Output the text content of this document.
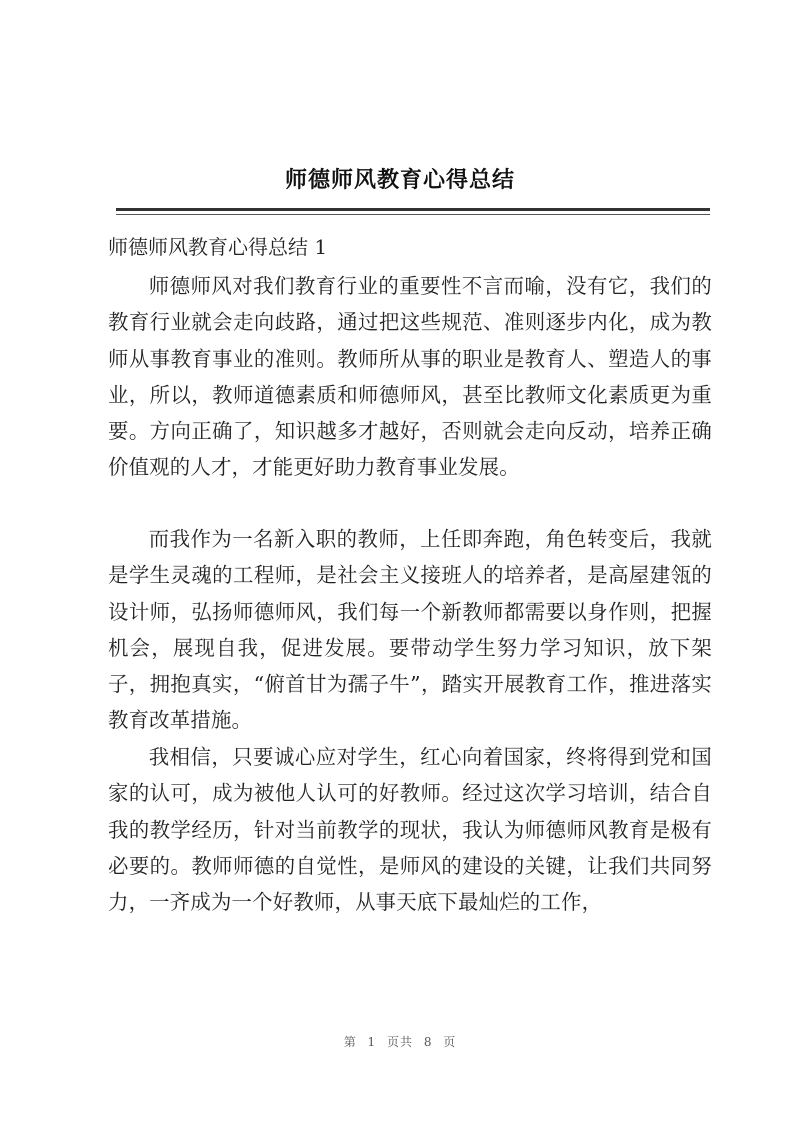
师德师风教育心得总结
师德师风教育心得总结 1
师德师风对我们教育行业的重要性不言而喻，没有它，我们的教育行业就会走向歧路，通过把这些规范、准则逐步内化，成为教师从事教育事业的准则。教师所从事的职业是教育人、塑造人的事业，所以，教师道德素质和师德师风，甚至比教师文化素质更为重要。方向正确了，知识越多才越好，否则就会走向反动，培养正确价值观的人才，才能更好助力教育事业发展。
而我作为一名新入职的教师，上任即奔跑，角色转变后，我就是学生灵魂的工程师，是社会主义接班人的培养者，是高屋建瓴的设计师，弘扬师德师风，我们每一个新教师都需要以身作则，把握机会，展现自我，促进发展。要带动学生努力学习知识，放下架子，拥抱真实，“俯首甘为孺子牛”，踏实开展教育工作，推进落实教育改革措施。
我相信，只要诚心应对学生，红心向着国家，终将得到党和国家的认可，成为被他人认可的好教师。经过这次学习培训，结合自我的教学经历，针对当前教学的现状，我认为师德师风教育是极有必要的。教师师德的自觉性，是师风的建设的关键，让我们共同努力，一齐成为一个好教师，从事天底下最灿烂的工作，
第 1 页共 8 页
